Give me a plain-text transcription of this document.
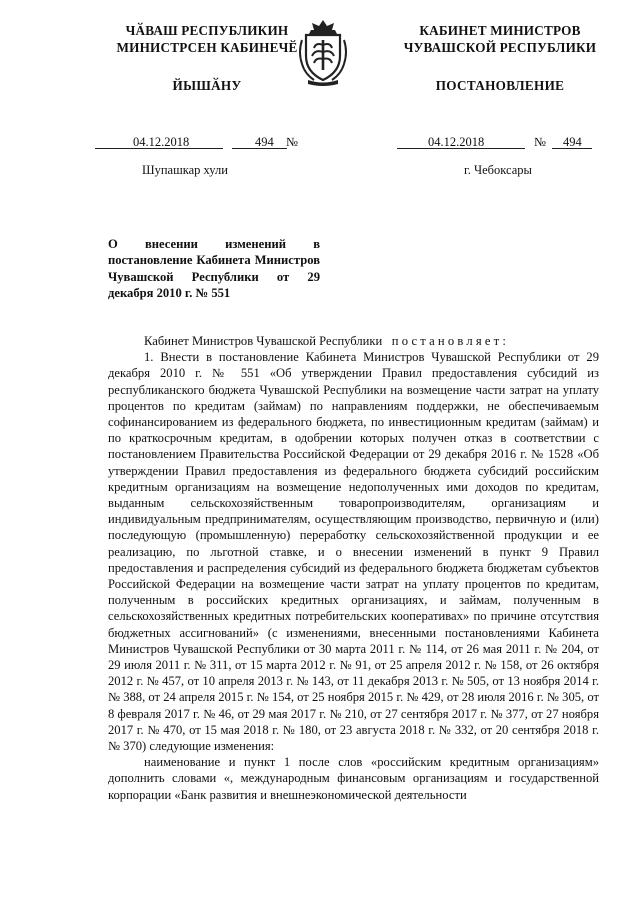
ЧӐВАШ РЕСПУБЛИКИН
МИНИСТРСЕН КАБИНЕЧӖ
ЙЫШӐНУ
КАБИНЕТ МИНИСТРОВ
ЧУВАШСКОЙ РЕСПУБЛИКИ
ПОСТАНОВЛЕНИЕ
04.12.2018	494 №
Шупашкар хули
04.12.2018	№ 494
г. Чебоксары
О внесении изменений в постановление Кабинета Министров Чувашской Республики от 29 декабря 2010 г. № 551

Кабинет Министров Чувашской Республики постановляет:

1. Внести в постановление Кабинета Министров Чувашской Республики от 29 декабря 2010 г. № 551 «Об утверждении Правил предоставления субсидий из республиканского бюджета Чувашской Республики на возмещение части затрат на уплату процентов по кредитам (займам) по направлениям поддержки, не обеспечиваемым софинансированием из федерального бюджета, по инвестиционным кредитам (займам) и по краткосрочным кредитам, в одобрении которых получен отказ в соответствии с постановлением Правительства Российской Федерации от 29 декабря 2016 г. № 1528 «Об утверждении Правил предоставления из федерального бюджета субсидий российским кредитным организациям на возмещение недополученных ими доходов по кредитам, выданным сельскохозяйственным товаропроизводителям, организациям и индивидуальным предпринимателям, осуществляющим производство, первичную и (или) последующую (промышленную) переработку сельскохозяйственной продукции и ее реализацию, по льготной ставке, и о внесении изменений в пункт 9 Правил предоставления и распределения субсидий из федерального бюджета бюджетам субъектов Российской Федерации на возмещение части затрат на уплату процентов по кредитам, полученным в российских кредитных организациях, и займам, полученным в сельскохозяйственных кредитных потребительских кооперативах» по причине отсутствия бюджетных ассигнований» (с изменениями, внесенными постановлениями Кабинета Министров Чувашской Республики от 30 марта 2011 г. № 114, от 26 мая 2011 г. № 204, от 29 июля 2011 г. № 311, от 15 марта 2012 г. № 91, от 25 апреля 2012 г. № 158, от 26 октября 2012 г. № 457, от 10 апреля 2013 г. № 143, от 11 декабря 2013 г. № 505, от 13 ноября 2014 г. № 388, от 24 апреля 2015 г. № 154, от 25 ноября 2015 г. № 429, от 28 июля 2016 г. № 305, от 8 февраля 2017 г. № 46, от 29 мая 2017 г. № 210, от 27 сентября 2017 г. № 377, от 27 ноября 2017 г. № 470, от 15 мая 2018 г. № 180, от 23 августа 2018 г. № 332, от 20 сентября 2018 г. № 370) следующие изменения:

наименование и пункт 1 после слов «российским кредитным организациям» дополнить словами «, международным финансовым организациям и государственной корпорации «Банк развития и внешнеэкономической деятельности
